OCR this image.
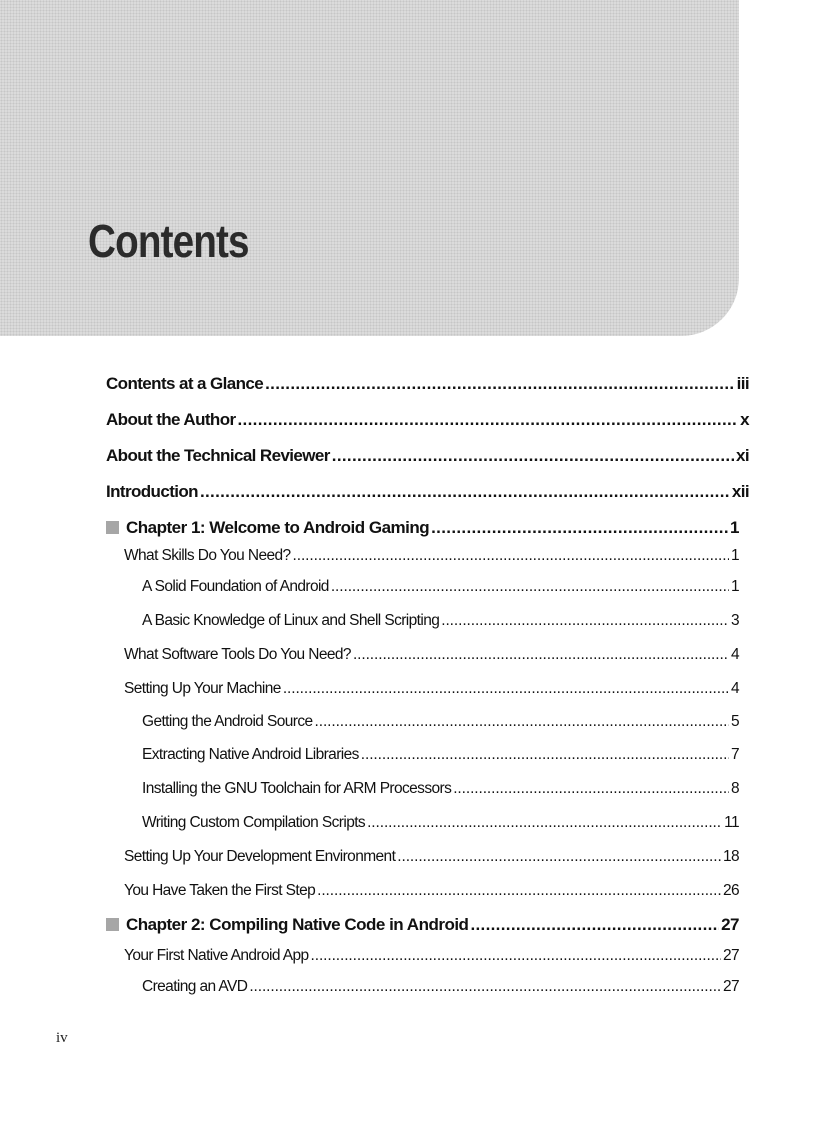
Contents
Contents at a Glance . . .	iii
About the Author . . .	x
About the Technical Reviewer . . .	xi
Introduction . . .	xii
Chapter 1: Welcome to Android Gaming . . .	1
What Skills Do You Need? . . .	1
A Solid Foundation of Android . . .	1
A Basic Knowledge of Linux and Shell Scripting . . .	3
What Software Tools Do You Need? . . .	4
Setting Up Your Machine . . .	4
Getting the Android Source . . .	5
Extracting Native Android Libraries . . .	7
Installing the GNU Toolchain for ARM Processors . . .	8
Writing Custom Compilation Scripts . . .	11
Setting Up Your Development Environment . . .	18
You Have Taken the First Step . . .	26
Chapter 2: Compiling Native Code in Android . . .	27
Your First Native Android App . . .	27
Creating an AVD . . .	27
iv
